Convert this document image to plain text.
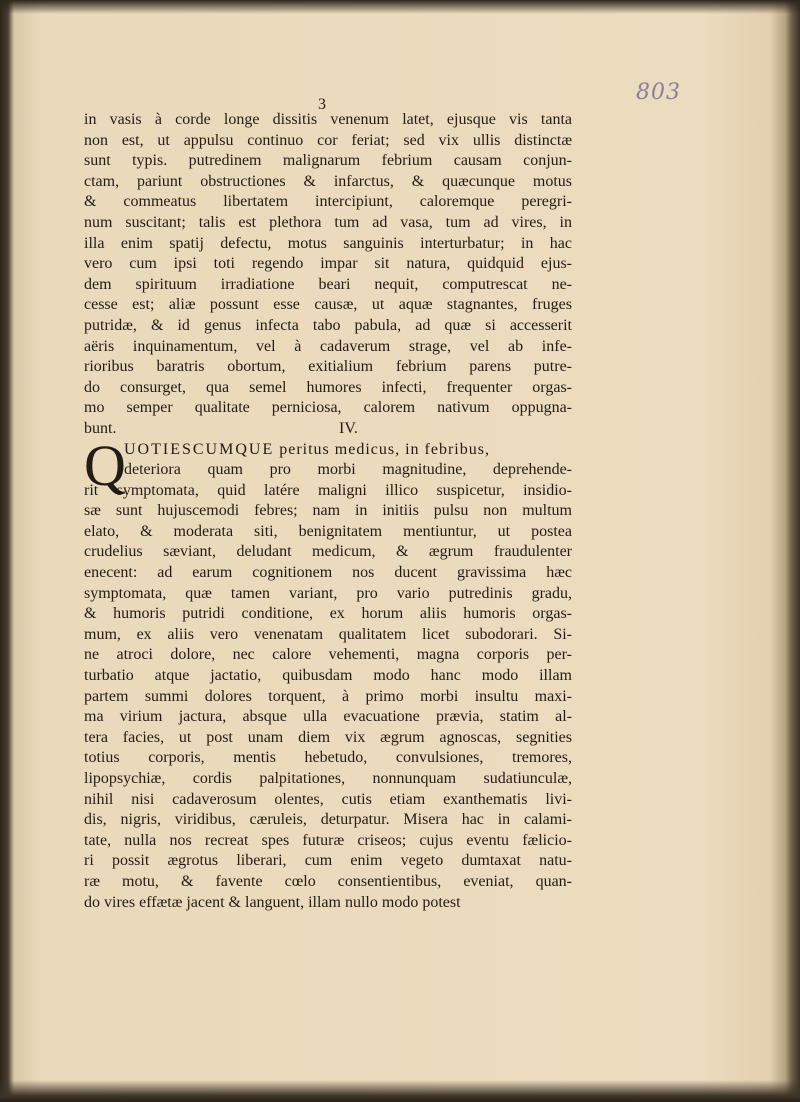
803
3
in vasis à corde longe dissitis venenum latet, ejusque vis tanta
non est, ut appulsu continuo cor feriat; sed vix ullis distinctæ
sunt typis. putredinem malignarum febrium causam conjun-
ctam, pariunt obstructiones & infarctus, & quæcunque motus
& commeatus libertatem intercipiunt, caloremque peregri-
num suscitant; talis est plethora tum ad vasa, tum ad vires, in
illa enim spatij defectu, motus sanguinis interturbatur; in hac
vero cum ipsi toti regendo impar sit natura, quidquid ejus-
dem spirituum irradiatione beari nequit, computrescat ne-
cesse est; aliæ possunt esse causæ, ut aquæ stagnantes, fruges
putridæ, & id genus infecta tabo pabula, ad quæ si accesserit
aëris inquinamentum, vel à cadaverum strage, vel ab infe-
rioribus baratris obortum, exitialium febrium parens putre-
do consurget, qua semel humores infecti, frequenter orgas-
mo semper qualitate perniciosa, calorem nativum oppugna-
bunt.	IV.
UOTIESCUMQUE peritus medicus, in febribus,
deteriora quam pro morbi magnitudine, deprehende-
rit symptomata, quid latére maligni illico suspicetur, insidio-
sæ sunt hujuscemodi febres; nam in initiis pulsu non multum
elato, & moderata siti, benignitatem mentiuntur, ut postea
crudelius sæviant, deludant medicum, & ægrum fraudulenter
enecent: ad earum cognitionem nos ducent gravissima hæc
symptomata, quæ tamen variant, pro vario putredinis gradu,
& humoris putridi conditione, ex horum aliis humoris orgas-
mum, ex aliis vero venenatam qualitatem licet subodorari. Si-
ne atroci dolore, nec calore vehementi, magna corporis per-
turbatio atque jactatio, quibusdam modo hanc modo illam
partem summi dolores torquent, à primo morbi insultu maxi-
ma virium jactura, absque ulla evacuatione prævia, statim al-
tera facies, ut post unam diem vix ægrum agnoscas, segnities
totius corporis, mentis hebetudo, convulsiones, tremores,
lipopsychiæ, cordis palpitationes, nonnunquam sudatiunculæ,
nihil nisi cadaverosum olentes, cutis etiam exanthematis livi-
dis, nigris, viridibus, cæruleis, deturpatur. Misera hac in calami-
tate, nulla nos recreat spes futuræ criseos; cujus eventu fælicio-
ri possit ægrotus liberari, cum enim vegeto dumtaxat natu-
ræ motu, & favente cœlo consentientibus, eveniat, quan-
do vires effætæ jacent & languent, illam nullo modo potest
Q
